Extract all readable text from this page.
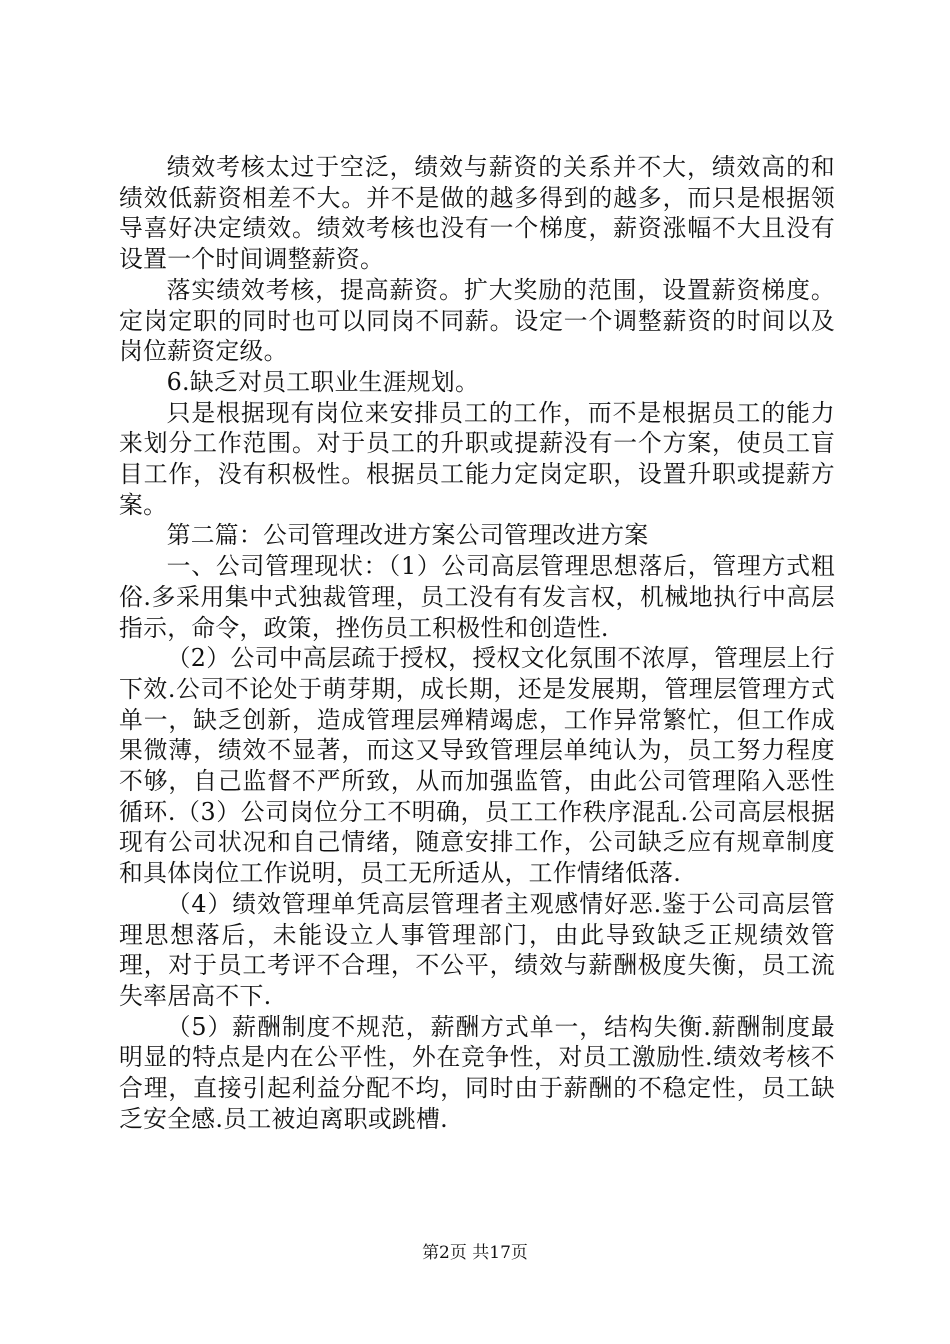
绩效考核太过于空泛，绩效与薪资的关系并不大，绩效高的和绩效低薪资相差不大。并不是做的越多得到的越多，而只是根据领导喜好决定绩效。绩效考核也没有一个梯度，薪资涨幅不大且没有设置一个时间调整薪资。

落实绩效考核，提高薪资。扩大奖励的范围，设置薪资梯度。定岗定职的同时也可以同岗不同薪。设定一个调整薪资的时间以及岗位薪资定级。

6.缺乏对员工职业生涯规划。

只是根据现有岗位来安排员工的工作，而不是根据员工的能力来划分工作范围。对于员工的升职或提薪没有一个方案，使员工盲目工作，没有积极性。根据员工能力定岗定职，设置升职或提薪方案。

第二篇：公司管理改进方案公司管理改进方案

一、公司管理现状：（1）公司高层管理思想落后，管理方式粗俗.多采用集中式独裁管理，员工没有有发言权，机械地执行中高层指示，命令，政策，挫伤员工积极性和创造性.

（2）公司中高层疏于授权，授权文化氛围不浓厚，管理层上行下效.公司不论处于萌芽期，成长期，还是发展期，管理层管理方式单一，缺乏创新，造成管理层殚精竭虑，工作异常繁忙，但工作成果微薄，绩效不显著，而这又导致管理层单纯认为，员工努力程度不够，自己监督不严所致，从而加强监管，由此公司管理陷入恶性循环.（3）公司岗位分工不明确，员工工作秩序混乱.公司高层根据现有公司状况和自己情绪，随意安排工作，公司缺乏应有规章制度和具体岗位工作说明，员工无所适从，工作情绪低落.

（4）绩效管理单凭高层管理者主观感情好恶.鉴于公司高层管理思想落后，未能设立人事管理部门，由此导致缺乏正规绩效管理，对于员工考评不合理，不公平，绩效与薪酬极度失衡，员工流失率居高不下.

（5）薪酬制度不规范，薪酬方式单一，结构失衡.薪酬制度最明显的特点是内在公平性，外在竞争性，对员工激励性.绩效考核不合理，直接引起利益分配不均，同时由于薪酬的不稳定性，员工缺乏安全感.员工被迫离职或跳槽.

第2页 共17页
